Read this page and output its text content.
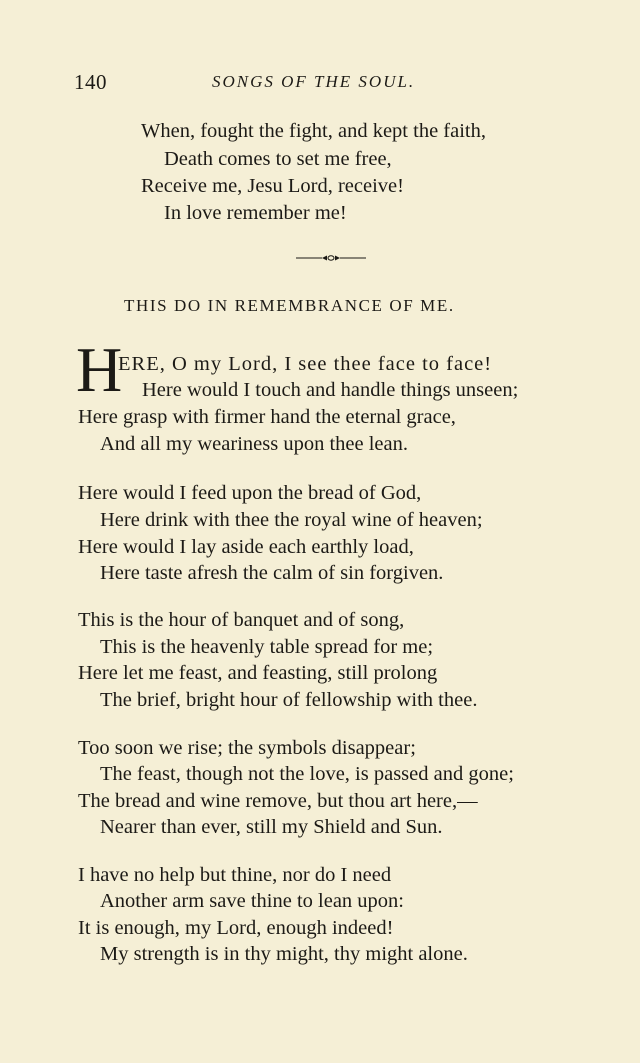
140	SONGS OF THE SOUL.
When, fought the fight, and kept the faith,
Death comes to set me free,
Receive me, Jesu Lord, receive!
In love remember me!
THIS DO IN REMEMBRANCE OF ME.
H
ERE, O my Lord, I see thee face to face!
Here would I touch and handle things unseen;
Here grasp with firmer hand the eternal grace,
And all my weariness upon thee lean.
Here would I feed upon the bread of God,
Here drink with thee the royal wine of heaven;
Here would I lay aside each earthly load,
Here taste afresh the calm of sin forgiven.
This is the hour of banquet and of song,
This is the heavenly table spread for me;
Here let me feast, and feasting, still prolong
The brief, bright hour of fellowship with thee.
Too soon we rise; the symbols disappear;
The feast, though not the love, is passed and gone;
The bread and wine remove, but thou art here,—
Nearer than ever, still my Shield and Sun.
I have no help but thine, nor do I need
Another arm save thine to lean upon:
It is enough, my Lord, enough indeed!
My strength is in thy might, thy might alone.
